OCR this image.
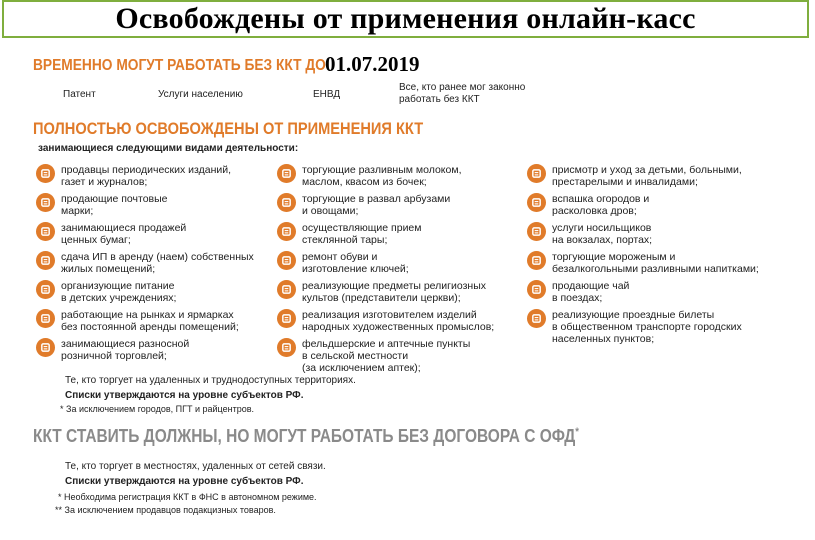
Освобождены от применения онлайн-касс
ВРЕМЕННО МОГУТ РАБОТАТЬ БЕЗ ККТ ДО 01.07.2019
Патент	Услуги населению	ЕНВД
Все, кто ранее мог законно
работать без ККТ
ПОЛНОСТЬЮ ОСВОБОЖДЕНЫ ОТ ПРИМЕНЕНИЯ ККТ
занимающиеся следующими видами деятельности:
продавцы периодических изданий,
газет и журналов;
продающие почтовые
марки;
занимающиеся продажей
ценных бумаг;
сдача ИП в аренду (наем) собственных
жилых помещений;
организующие питание
в детских учреждениях;
работающие на рынках и ярмарках
без постоянной аренды помещений;
занимающиеся разносной
розничной торговлей;
торгующие разливным молоком,
маслом, квасом из бочек;
торгующие в развал арбузами
и овощами;
осуществляющие прием
стеклянной тары;
ремонт обуви и
изготовление ключей;
реализующие предметы религиозных
культов (представители церкви);
реализация изготовителем изделий
народных художественных промыслов;
фельдшерские и аптечные пункты
в сельской местности
(за исключением аптек);
присмотр и уход за детьми, больными,
престарелыми и инвалидами;
вспашка огородов и
расколовка дров;
услуги носильщиков
на вокзалах, портах;
торгующие мороженым и
безалкогольными разливными напитками;
продающие чай
в поездах;
реализующие проездные билеты
в общественном транспорте городских
населенных пунктов;
Те, кто торгует на удаленных и труднодоступных территориях.
Списки утверждаются на уровне субъектов РФ.
* За исключением городов, ПГТ и райцентров.
ККТ СТАВИТЬ ДОЛЖНЫ, НО МОГУТ РАБОТАТЬ БЕЗ ДОГОВОРА С ОФД*
Те, кто торгует в местностях, удаленных от сетей связи.
Списки утверждаются на уровне субъектов РФ.
* Необходима регистрация ККТ в ФНС в автономном режиме.
** За исключением продавцов подакцизных товаров.
